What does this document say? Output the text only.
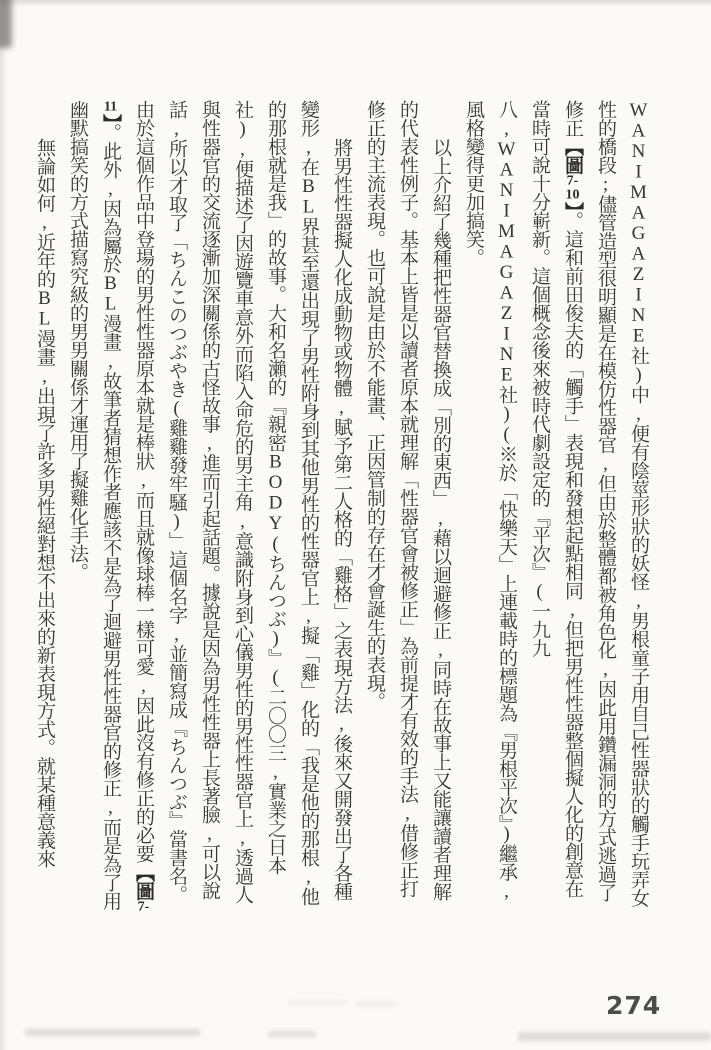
WANIMAGAZINE社)中,便有陰莖形狀的妖怪,男根童子用自己性器狀的觸手玩弄女性的橋段;儘管造型很明顯是在模仿性器官,但由於整體都被角色化,因此用鑽漏洞的方式逃過了修正【圖7-10】。這和前田俊夫的「觸手」表現和發想起點相同,但把男性性器整個擬人化的創意在當時可說十分嶄新。這個概念後來被時代劇設定的『平次』(一九九八,WANIMAGAZINE社)(※於「快樂天」上連載時的標題為『男根平次』)繼承,風格變得更加搞笑。

以上介紹了幾種把性器官替換成「別的東西」,藉以迴避修正,同時在故事上又能讓讀者理解的代表性例子。基本上皆是以讀者原本就理解「性器官會被修正」為前提才有效的手法,借修正打修正的主流表現。也可說是由於不能畫、正因管制的存在才會誕生的表現。

將男性性器擬人化成動物或物體,賦予第二人格的「雞格」之表現方法,後來又開發出了各種變形,在BL界甚至還出現了男性附身到其他男性的性器官上,擬「雞」化的「我是他的那根,他的那根就是我」的故事。大和名瀨的『親密BODY(ちんつぶ)』(二〇〇三,實業之日本社),便描述了因遊覽車意外而陷入命危的男主角,意識附身到心儀男性的男性性器官上,透過人與性器官的交流逐漸加深關係的古怪故事,進而引起話題。據說是因為男性性器上長著臉,可以說話,所以才取了「ちんこのつぶやき(雞雞發牢騷)」這個名字,並簡寫成『ちんつぶ』當書名。由於這個作品中登場的男性性器原本就是棒狀,而且就像球棒一樣可愛,因此沒有修正的必要【圖7-11】。此外,因為屬於BL漫畫,故筆者猜想作者應該不是為了迴避男性性器官的修正,而是為了用幽默搞笑的方式描寫究級的男男關係才運用了擬雞化手法。

無論如何,近年的BL漫畫,出現了許多男性絕對想不出來的新表現方式。就某種意義來

274
